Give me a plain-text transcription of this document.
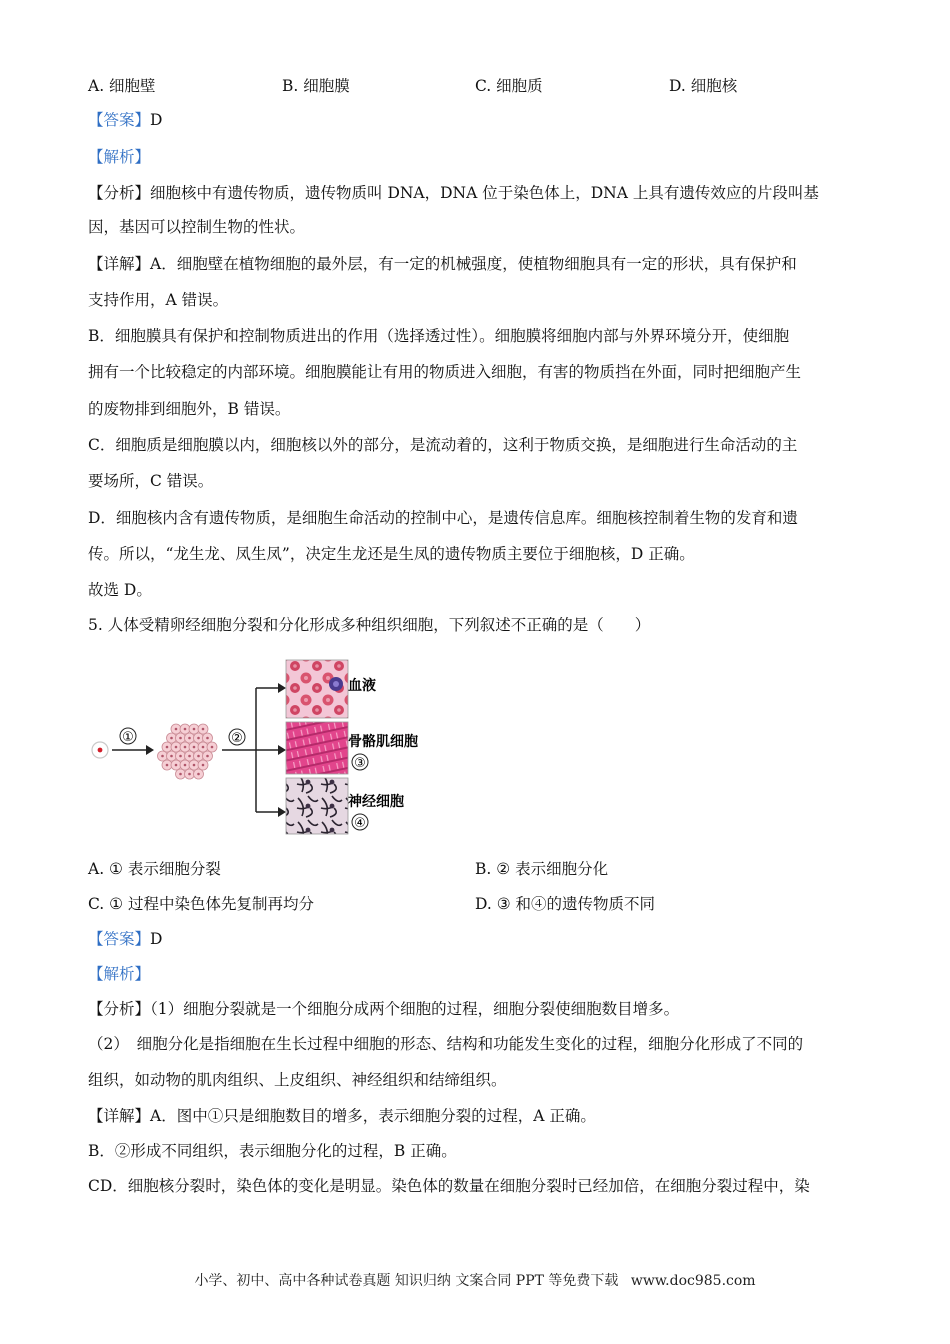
A. 细胞壁	B. 细胞膜	C. 细胞质	D. 细胞核
【答案】D
【解析】
【分析】细胞核中有遗传物质，遗传物质叫 DNA，DNA 位于染色体上，DNA 上具有遗传效应的片段叫基
因，基因可以控制生物的性状。
【详解】A．细胞壁在植物细胞的最外层，有一定的机械强度，使植物细胞具有一定的形状，具有保护和
支持作用，A 错误。
B．细胞膜具有保护和控制物质进出的作用（选择透过性）。细胞膜将细胞内部与外界环境分开，使细胞
拥有一个比较稳定的内部环境。细胞膜能让有用的物质进入细胞，有害的物质挡在外面，同时把细胞产生
的废物排到细胞外，B 错误。
C．细胞质是细胞膜以内，细胞核以外的部分，是流动着的，这利于物质交换，是细胞进行生命活动的主
要场所，C 错误。
D．细胞核内含有遗传物质，是细胞生命活动的控制中心，是遗传信息库。细胞核控制着生物的发育和遗
传。所以，“龙生龙、凤生凤”，决定生龙还是生凤的遗传物质主要位于细胞核，D 正确。
故选 D。
5. 人体受精卵经细胞分裂和分化形成多种组织细胞，下列叙述不正确的是（　　）
①	②
血液
骨骼肌细胞
③
神经细胞
④
A. ① 表示细胞分裂	B. ② 表示细胞分化
C. ① 过程中染色体先复制再均分	D. ③ 和④的遗传物质不同
【答案】D
【解析】
【分析】（1）细胞分裂就是一个细胞分成两个细胞的过程，细胞分裂使细胞数目增多。
（2）　细胞分化是指细胞在生长过程中细胞的形态、结构和功能发生变化的过程，细胞分化形成了不同的
组织，如动物的肌肉组织、上皮组织、神经组织和结缔组织。
【详解】A．图中①只是细胞数目的增多，表示细胞分裂的过程，A 正确。
B．②形成不同组织，表示细胞分化的过程，B 正确。
CD．细胞核分裂时，染色体的变化是明显。染色体的数量在细胞分裂时已经加倍，在细胞分裂过程中，染
小学、初中、高中各种试卷真题 知识归纳 文案合同 PPT 等免费下载 www.doc985.com
